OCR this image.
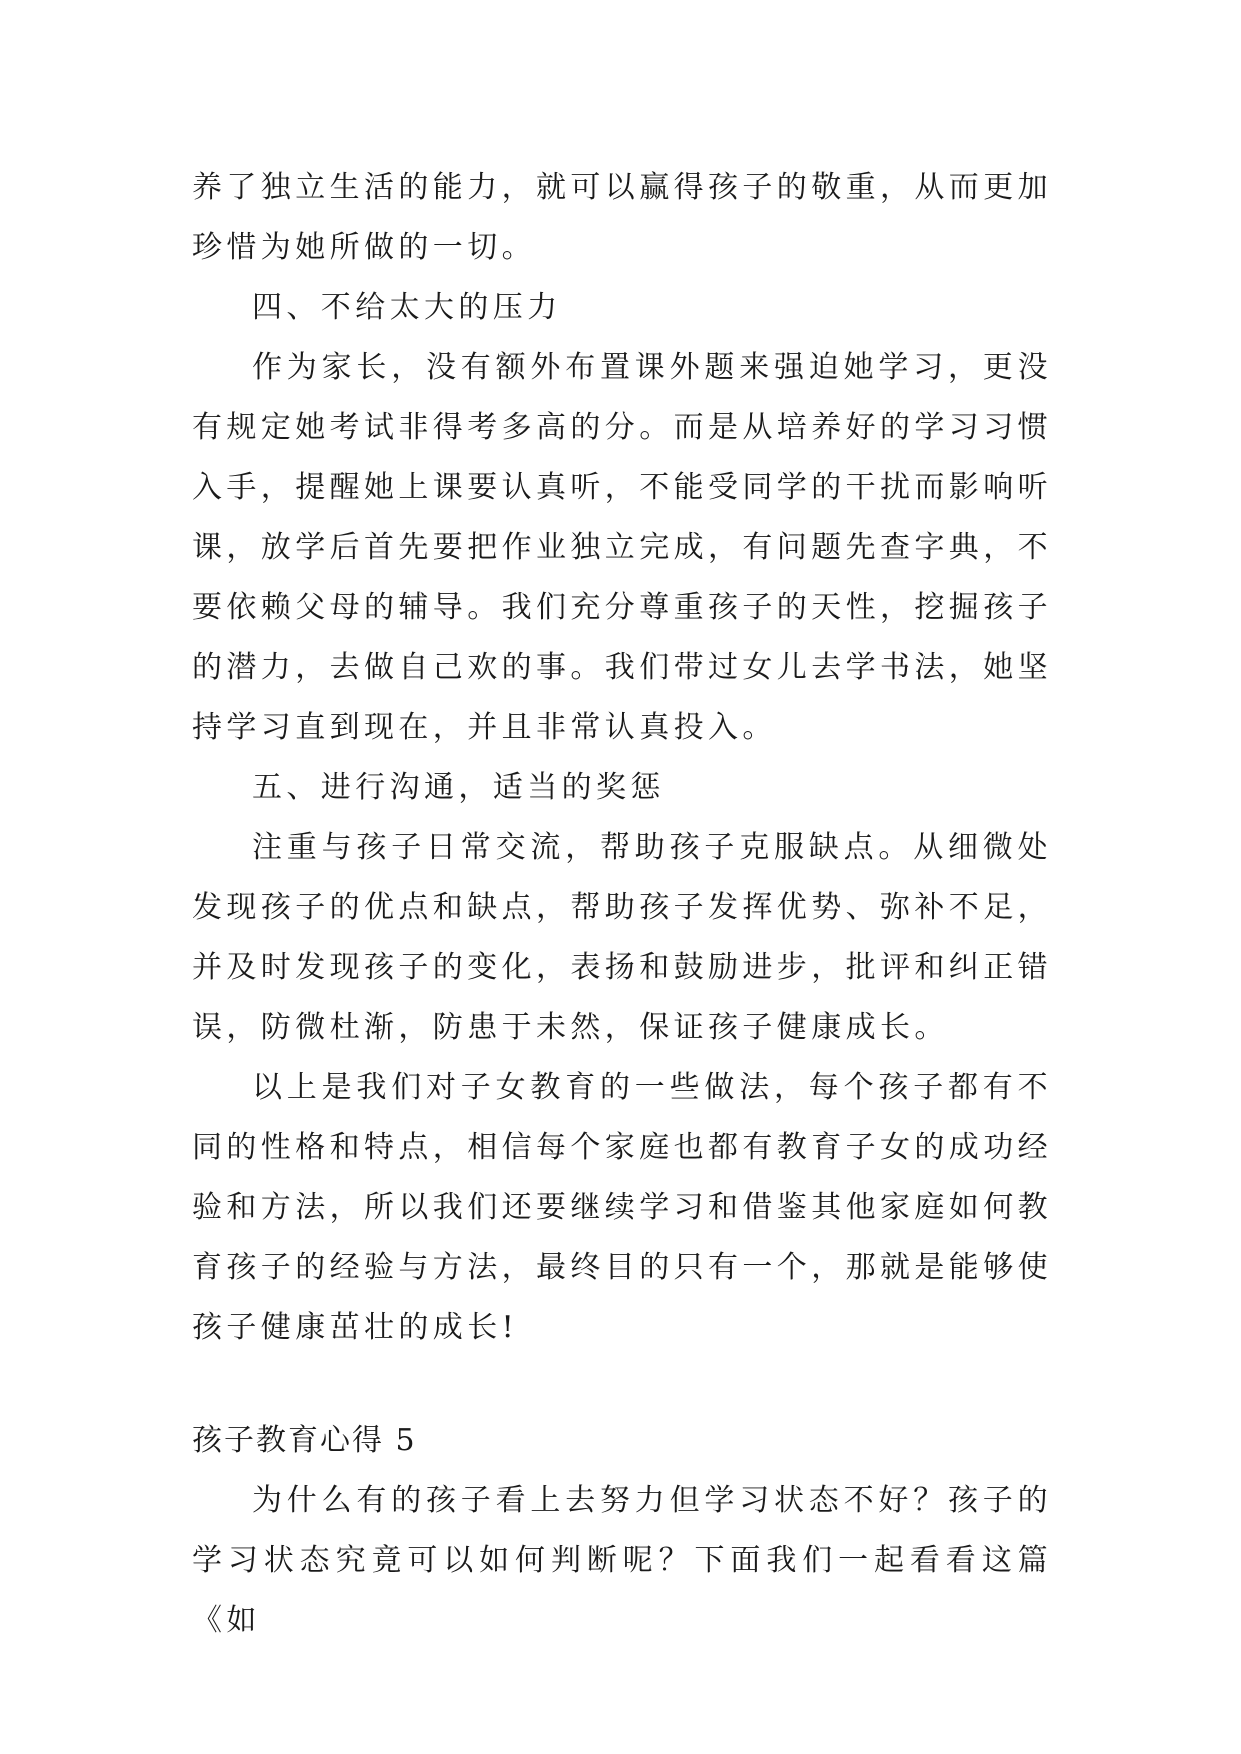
养了独立生活的能力，就可以赢得孩子的敬重，从而更加珍惜为她所做的一切。

四、不给太大的压力

作为家长，没有额外布置课外题来强迫她学习，更没有规定她考试非得考多高的分。而是从培养好的学习习惯入手，提醒她上课要认真听，不能受同学的干扰而影响听课，放学后首先要把作业独立完成，有问题先查字典，不要依赖父母的辅导。我们充分尊重孩子的天性，挖掘孩子的潜力，去做自己欢的事。我们带过女儿去学书法，她坚持学习直到现在，并且非常认真投入。

五、进行沟通，适当的奖惩

注重与孩子日常交流，帮助孩子克服缺点。从细微处发现孩子的优点和缺点，帮助孩子发挥优势、弥补不足，并及时发现孩子的变化，表扬和鼓励进步，批评和纠正错误，防微杜渐，防患于未然，保证孩子健康成长。

以上是我们对子女教育的一些做法，每个孩子都有不同的性格和特点，相信每个家庭也都有教育子女的成功经验和方法，所以我们还要继续学习和借鉴其他家庭如何教育孩子的经验与方法，最终目的只有一个，那就是能够使孩子健康茁壮的成长!

孩子教育心得 5

为什么有的孩子看上去努力但学习状态不好？孩子的学习状态究竟可以如何判断呢？下面我们一起看看这篇《如
